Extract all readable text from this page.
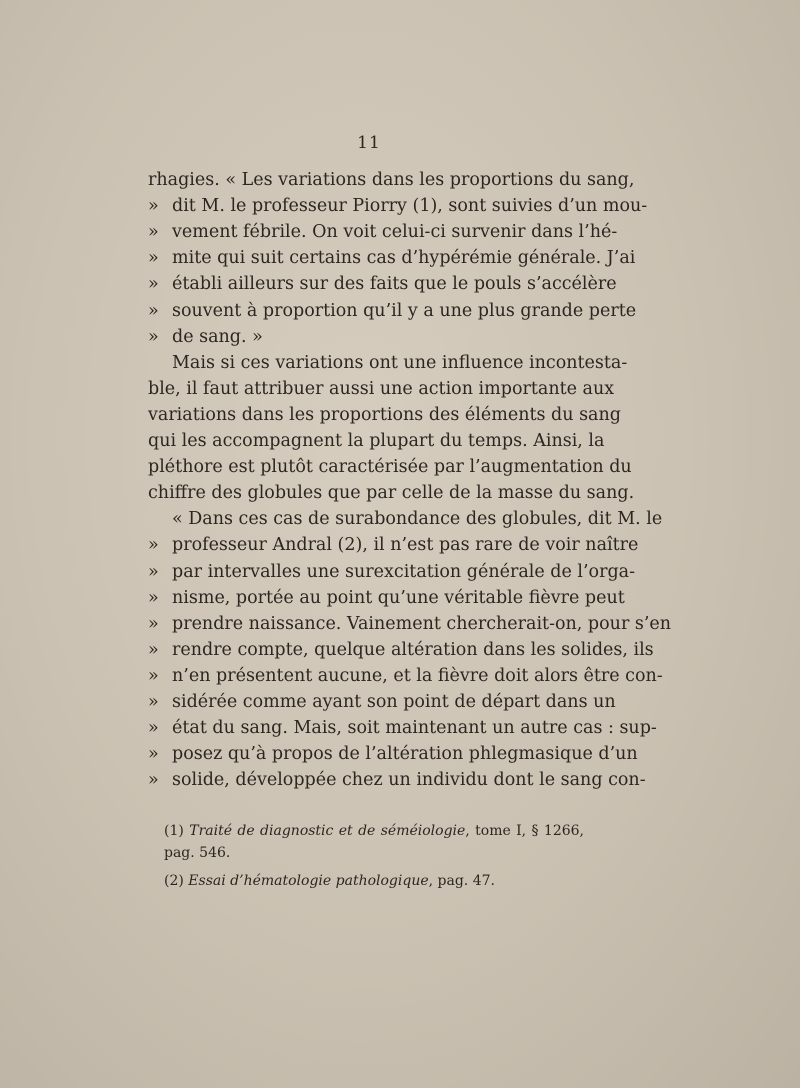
11
rhagies. « Les variations dans les proportions du sang,
» dit M. le professeur Piorry (1), sont suivies d’un mou-
» vement fébrile. On voit celui-ci survenir dans l’hé-
» mite qui suit certains cas d’hypérémie générale. J’ai
» établi ailleurs sur des faits que le pouls s’accélère
» souvent à proportion qu’il y a une plus grande perte
» de sang. »
Mais si ces variations ont une influence incontesta-
ble, il faut attribuer aussi une action importante aux
variations dans les proportions des éléments du sang
qui les accompagnent la plupart du temps. Ainsi, la
pléthore est plutôt caractérisée par l’augmentation du
chiffre des globules que par celle de la masse du sang.
« Dans ces cas de surabondance des globules, dit M. le
» professeur Andral (2), il n’est pas rare de voir naître
» par intervalles une surexcitation générale de l’orga-
» nisme, portée au point qu’une véritable fièvre peut
» prendre naissance. Vainement chercherait-on, pour s’en
» rendre compte, quelque altération dans les solides, ils
» n’en présentent aucune, et la fièvre doit alors être con-
» sidérée comme ayant son point de départ dans un
» état du sang. Mais, soit maintenant un autre cas : sup-
» posez qu’à propos de l’altération phlegmasique d’un
» solide, développée chez un individu dont le sang con-
(1) Traité de diagnostic et de séméiologie, tome I, § 1266,
pag. 546.
(2) Essai d’hématologie pathologique, pag. 47.
